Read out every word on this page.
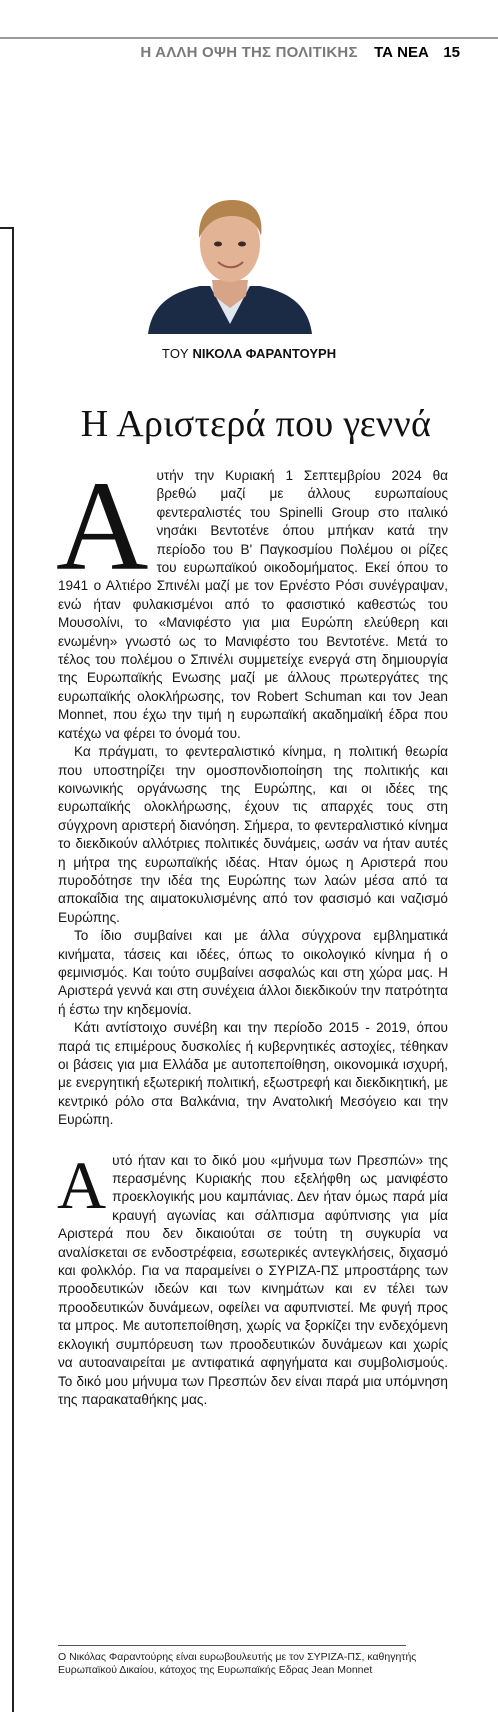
Η ΑΛΛΗ ΟΨΗ ΤΗΣ ΠΟΛΙΤΙΚΗΣ ΤΑ ΝΕΑ 15
ΤΟΥ ΝΙΚΟΛΑ ΦΑΡΑΝΤΟΥΡΗ
Η Αριστερά που γεννά
Α υτήν την Κυριακή 1 Σεπτεμβρίου 2024 θα βρεθώ μαζί με άλλους ευρωπαίους φεντεραλιστές του Spinelli Group στο ιταλικό νησάκι Βεντοτένε όπου μπήκαν κατά την περίοδο του Β' Παγκοσμίου Πολέμου οι ρίζες του ευρωπαϊκού οικοδομήματος. Εκεί όπου το 1941 ο Αλτιέρο Σπινέλι μαζί με τον Ερνέστο Ρόσι συνέγραψαν, ενώ ήταν φυλακισμένοι από το φασιστικό καθεστώς του Μουσολίνι, το «Μανιφέστο για μια Ευρώπη ελεύθερη και ενωμένη» γνωστό ως το Μανιφέστο του Βεντοτένε. Μετά το τέλος του πολέμου ο Σπινέλι συμμετείχε ενεργά στη δημιουργία της Ευρωπαϊκής Ενωσης μαζί με άλλους πρωτεργάτες της ευρωπαϊκής ολοκλήρωσης, τον Robert Schuman και τον Jean Monnet, που έχω την τιμή η ευρωπαϊκή ακαδημαϊκή έδρα που κατέχω να φέρει το όνομά του.

Κα πράγματι, το φεντεραλιστικό κίνημα, η πολιτική θεωρία που υποστηρίζει την ομοσπονδιοποίηση της πολιτικής και κοινωνικής οργάνωσης της Ευρώπης, και οι ιδέες της ευρωπαϊκής ολοκλήρωσης, έχουν τις απαρχές τους στη σύγχρονη αριστερή διανόηση. Σήμερα, το φεντεραλιστικό κίνημα το διεκδικούν αλλότριες πολιτικές δυνάμεις, ωσάν να ήταν αυτές η μήτρα της ευρωπαϊκής ιδέας. Ηταν όμως η Αριστερά που πυροδότησε την ιδέα της Ευρώπης των λαών μέσα από τα αποκαΐδια της αιματοκυλισμένης από τον φασισμό και ναζισμό Ευρώπης.

Το ίδιο συμβαίνει και με άλλα σύγχρονα εμβληματικά κινήματα, τάσεις και ιδέες, όπως το οικολογικό κίνημα ή ο φεμινισμός. Και τούτο συμβαίνει ασφαλώς και στη χώρα μας. Η Αριστερά γεννά και στη συνέχεια άλλοι διεκδικούν την πατρότητα ή έστω την κηδεμονία.

Κάτι αντίστοιχο συνέβη και την περίοδο 2015 - 2019, όπου παρά τις επιμέρους δυσκολίες ή κυβερνητικές αστοχίες, τέθηκαν οι βάσεις για μια Ελλάδα με αυτοπεποίθηση, οικονομικά ισχυρή, με ενεργητική εξωτερική πολιτική, εξωστρεφή και διεκδικητική, με κεντρικό ρόλο στα Βαλκάνια, την Ανατολική Μεσόγειο και την Ευρώπη.

Α υτό ήταν και το δικό μου «μήνυμα των Πρεσπών» της περασμένης Κυριακής που εξελήφθη ως μανιφέστο προεκλογικής μου καμπάνιας. Δεν ήταν όμως παρά μία κραυγή αγωνίας και σάλπισμα αφύπνισης για μία Αριστερά που δεν δικαιούται σε τούτη τη συγκυρία να αναλίσκεται σε ενδοστρέφεια, εσωτερικές αντεγκλήσεις, διχασμό και φολκλόρ. Για να παραμείνει ο ΣΥΡΙΖΑ-ΠΣ μπροστάρης των προοδευτικών ιδεών και των κινημάτων και εν τέλει των προοδευτικών δυνάμεων, οφείλει να αφυπνιστεί. Με φυγή προς τα μπρος. Με αυτοπεποίθηση, χωρίς να ξορκίζει την ενδεχόμενη εκλογική συμπόρευση των προοδευτικών δυνάμεων και χωρίς να αυτοαναιρείται με αντιφατικά αφηγήματα και συμβολισμούς. Το δικό μου μήνυμα των Πρεσπών δεν είναι παρά μια υπόμνηση της παρακαταθήκης μας.

Ο Νικόλας Φαραντούρης είναι ευρωβουλευτής με τον ΣΥΡΙΖΑ-ΠΣ, καθηγητής Ευρωπαϊκού Δικαίου, κάτοχος της Ευρωπαϊκής Εδρας Jean Monnet
